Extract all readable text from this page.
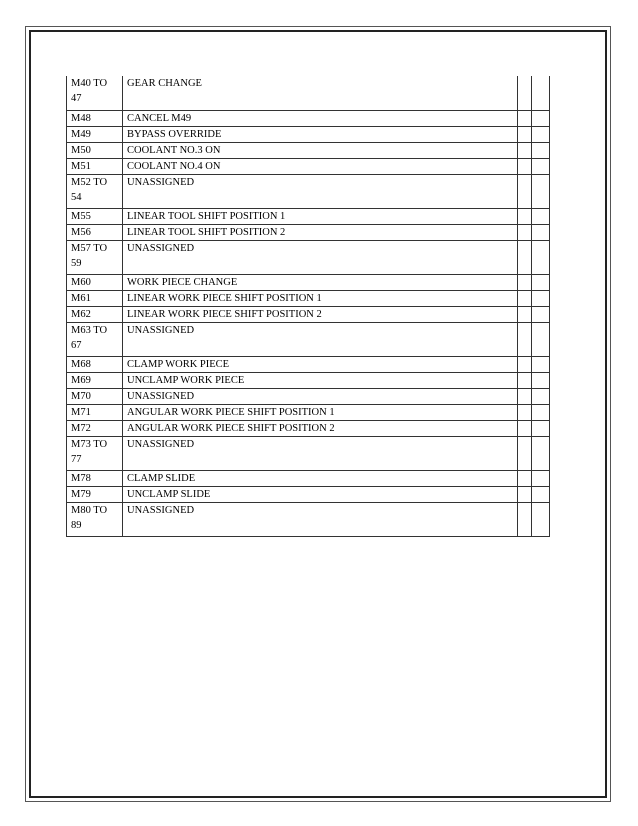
M40 TO 47	GEAR CHANGE		
M48	CANCEL M49		
M49	BYPASS OVERRIDE		
M50	COOLANT NO.3 ON		
M51	COOLANT NO.4 ON		
M52 TO 54	UNASSIGNED		
M55	LINEAR TOOL SHIFT POSITION 1		
M56	LINEAR TOOL SHIFT POSITION 2		
M57 TO 59	UNASSIGNED		
M60	WORK PIECE CHANGE		
M61	LINEAR WORK PIECE SHIFT POSITION 1		
M62	LINEAR WORK PIECE SHIFT POSITION 2		
M63 TO 67	UNASSIGNED		
M68	CLAMP WORK PIECE		
M69	UNCLAMP WORK PIECE		
M70	UNASSIGNED		
M71	ANGULAR WORK PIECE SHIFT POSITION 1		
M72	ANGULAR WORK PIECE SHIFT POSITION 2		
M73 TO 77	UNASSIGNED		
M78	CLAMP SLIDE		
M79	UNCLAMP SLIDE		
M80 TO 89	UNASSIGNED		
